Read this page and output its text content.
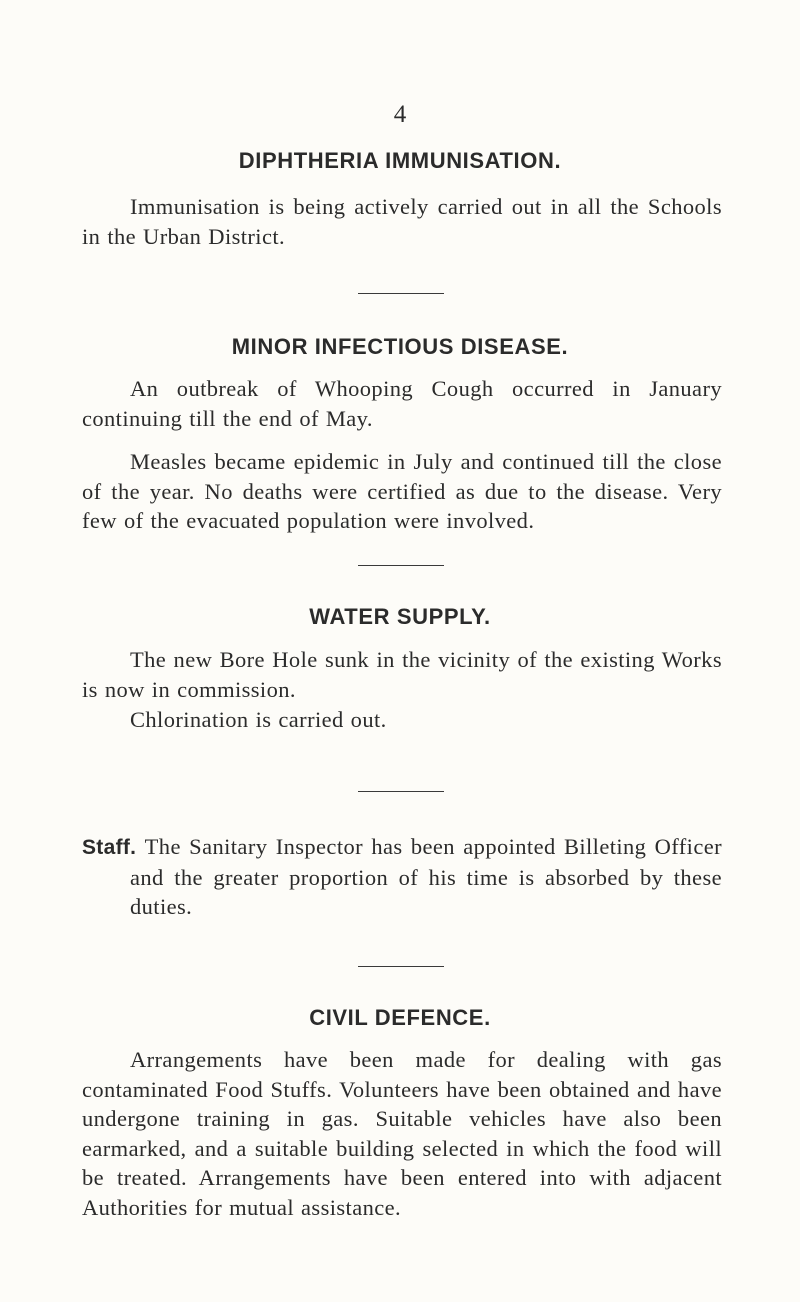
4
DIPHTHERIA IMMUNISATION.
Immunisation is being actively carried out in all the Schools in the Urban District.
MINOR INFECTIOUS DISEASE.
An outbreak of Whooping Cough occurred in January continuing till the end of May.
Measles became epidemic in July and continued till the close of the year. No deaths were certified as due to the disease. Very few of the evacuated population were involved.
WATER SUPPLY.
The new Bore Hole sunk in the vicinity of the existing Works is now in commission.
Chlorination is carried out.
Staff. The Sanitary Inspector has been appointed Billeting Officer and the greater proportion of his time is absorbed by these duties.
CIVIL DEFENCE.
Arrangements have been made for dealing with gas contaminated Food Stuffs. Volunteers have been obtained and have undergone training in gas. Suitable vehicles have also been earmarked, and a suitable building selected in which the food will be treated. Arrangements have been entered into with adjacent Authorities for mutual assistance.
